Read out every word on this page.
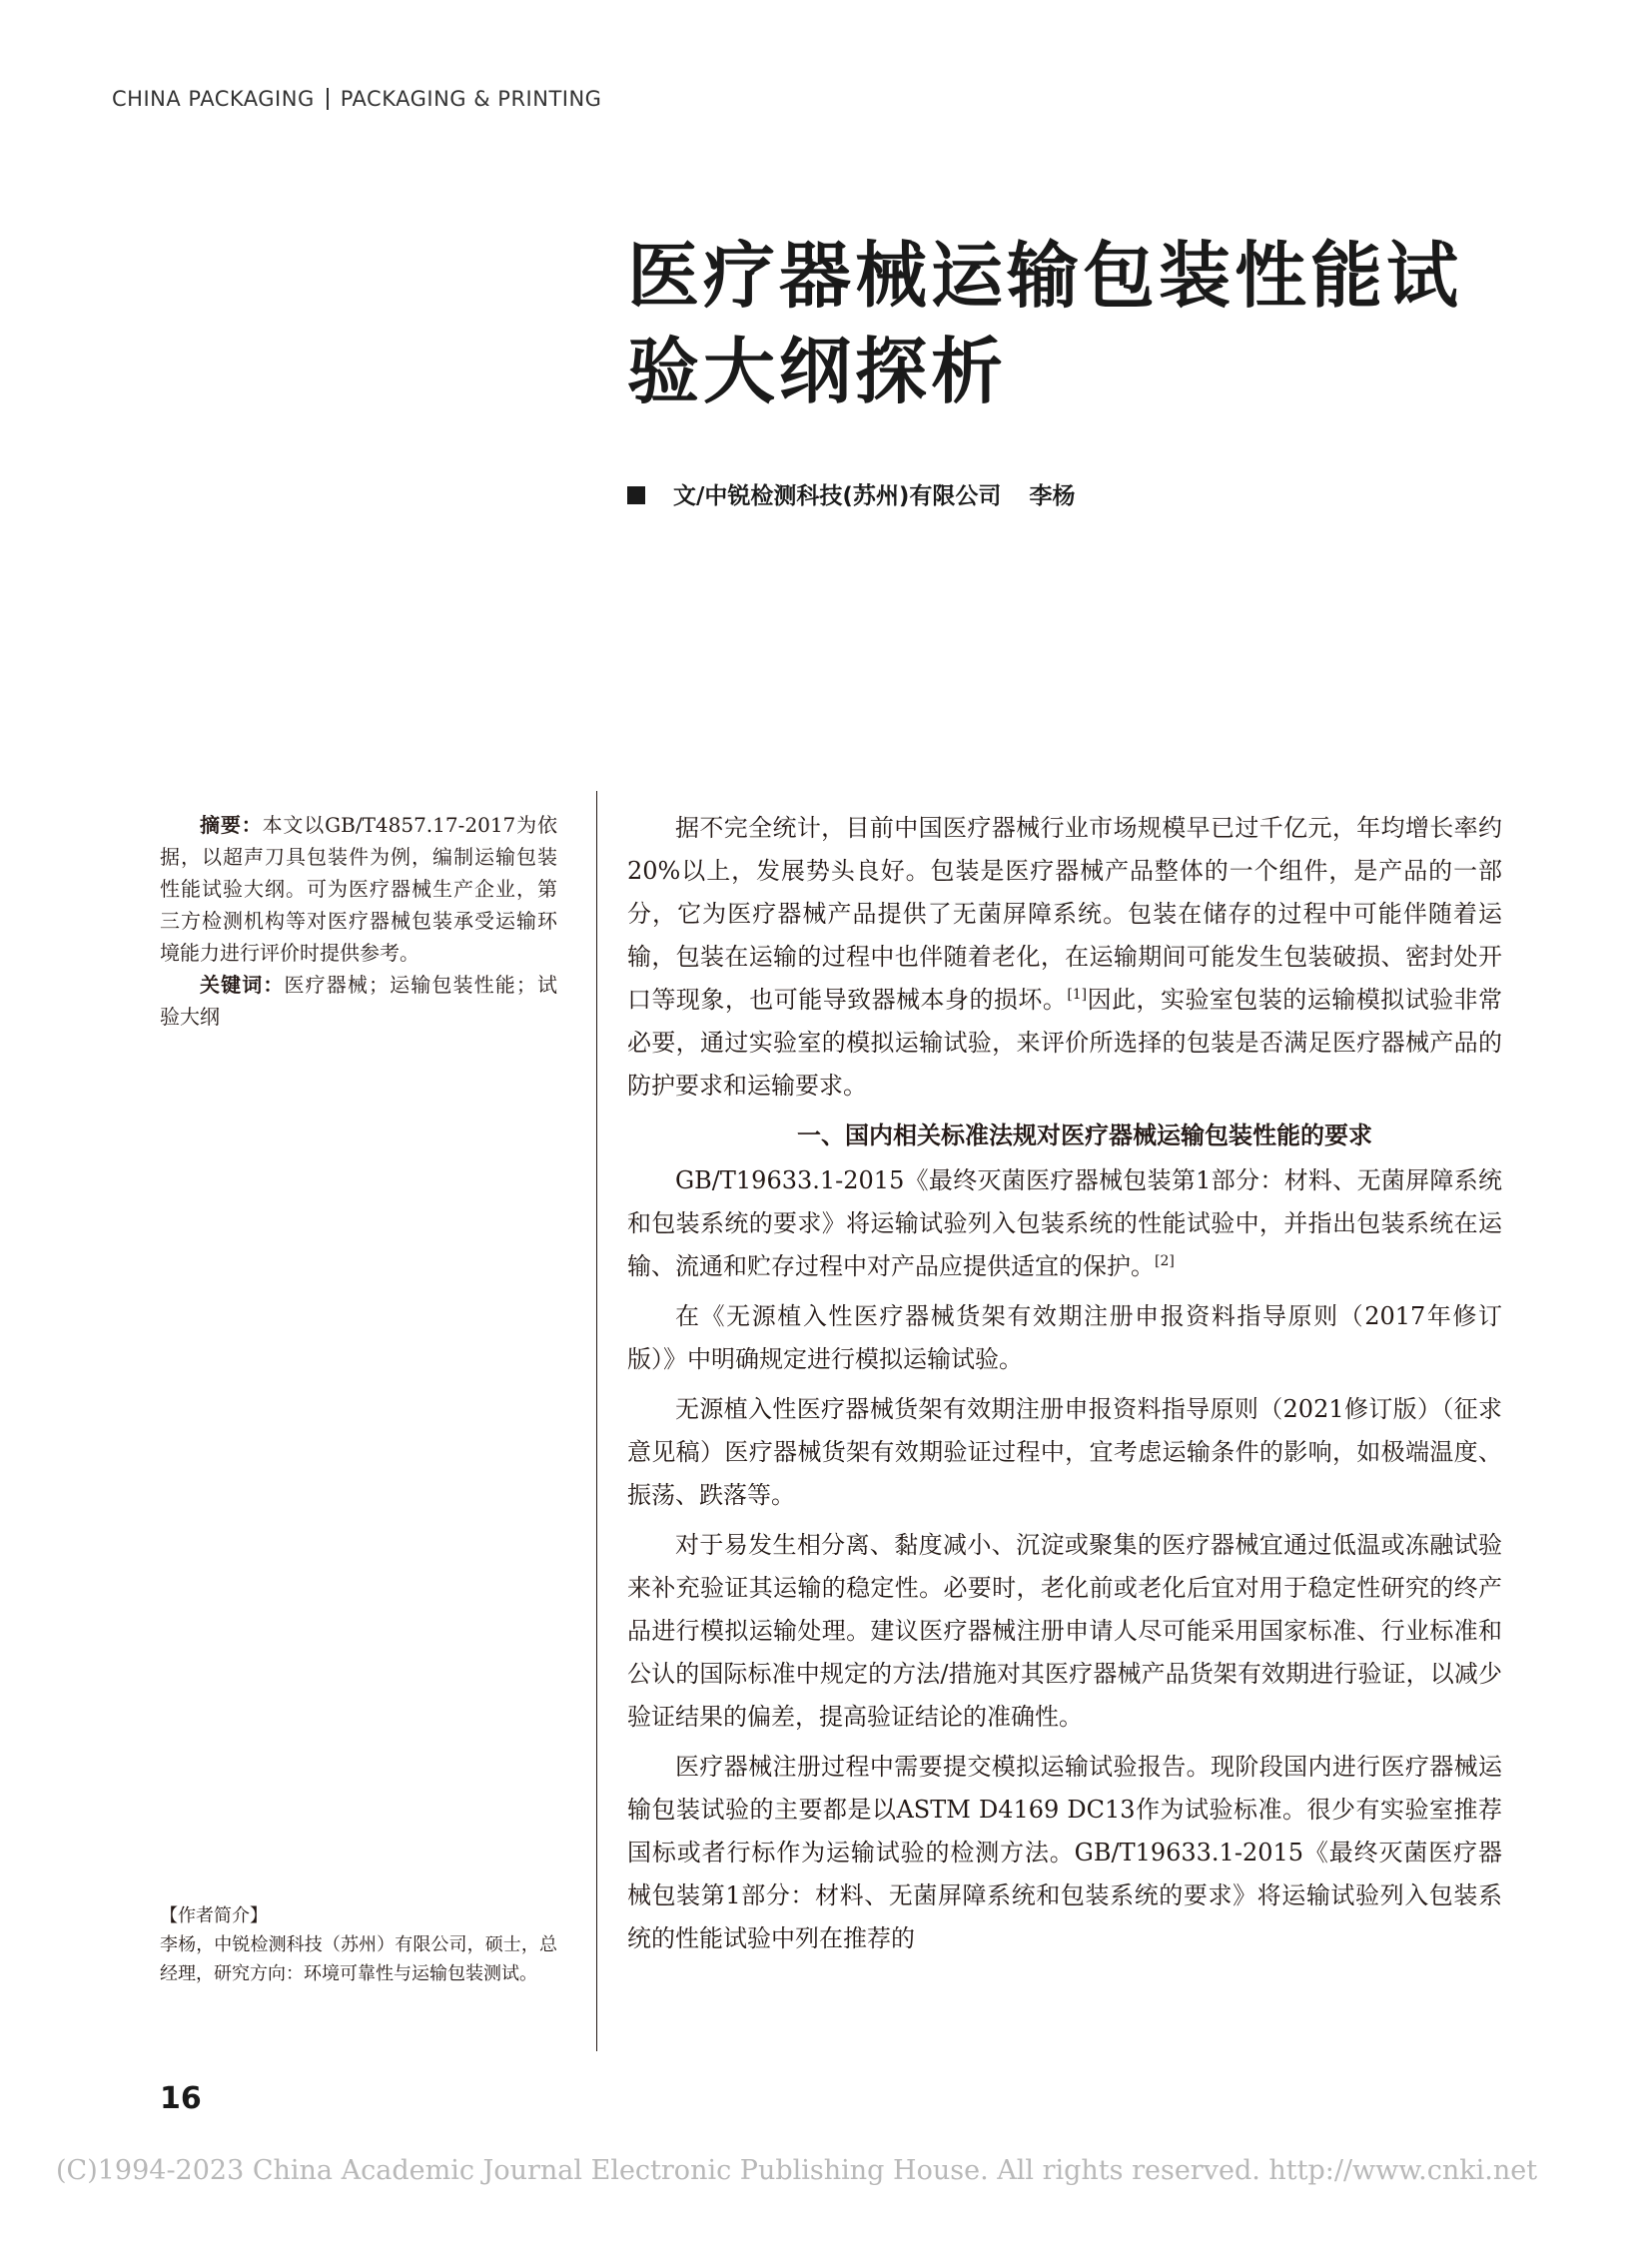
CHINA PACKAGING PACKAGING & PRINTING
医疗器械运输包装性能试
验大纲探析
文/中锐检测科技(苏州)有限公司 李杨

摘要：本文以GB/T4857.17-2017为依据，以超声刀具包装件为例，编制运输包装性能试验大纲。可为医疗器械生产企业，第三方检测机构等对医疗器械包装承受运输环境能力进行评价时提供参考。

关键词：医疗器械；运输包装性能；试验大纲

【作者简介】

李杨，中锐检测科技（苏州）有限公司，硕士，总经理，研究方向：环境可靠性与运输包装测试。

据不完全统计，目前中国医疗器械行业市场规模早已过千亿元，年均增长率约20%以上，发展势头良好。包装是医疗器械产品整体的一个组件，是产品的一部分，它为医疗器械产品提供了无菌屏障系统。包装在储存的过程中可能伴随着运输，包装在运输的过程中也伴随着老化，在运输期间可能发生包装破损、密封处开口等现象，也可能导致器械本身的损坏。[1]因此，实验室包装的运输模拟试验非常必要，通过实验室的模拟运输试验，来评价所选择的包装是否满足医疗器械产品的防护要求和运输要求。

一、国内相关标准法规对医疗器械运输包装性能的要求

GB/T19633.1-2015《最终灭菌医疗器械包装第1部分：材料、无菌屏障系统和包装系统的要求》将运输试验列入包装系统的性能试验中，并指出包装系统在运输、流通和贮存过程中对产品应提供适宜的保护。[2]

在《无源植入性医疗器械货架有效期注册申报资料指导原则（2017年修订版）》中明确规定进行模拟运输试验。

无源植入性医疗器械货架有效期注册申报资料指导原则（2021修订版）（征求意见稿）医疗器械货架有效期验证过程中，宜考虑运输条件的影响，如极端温度、振荡、跌落等。

对于易发生相分离、黏度减小、沉淀或聚集的医疗器械宜通过低温或冻融试验来补充验证其运输的稳定性。必要时，老化前或老化后宜对用于稳定性研究的终产品进行模拟运输处理。建议医疗器械注册申请人尽可能采用国家标准、行业标准和公认的国际标准中规定的方法/措施对其医疗器械产品货架有效期进行验证，以减少验证结果的偏差，提高验证结论的准确性。

医疗器械注册过程中需要提交模拟运输试验报告。现阶段国内进行医疗器械运输包装试验的主要都是以ASTM D4169 DC13作为试验标准。很少有实验室推荐国标或者行标作为运输试验的检测方法。GB/T19633.1-2015《最终灭菌医疗器械包装第1部分：材料、无菌屏障系统和包装系统的要求》将运输试验列入包装系统的性能试验中列在推荐的

16
(C)1994-2023 China Academic Journal Electronic Publishing House. All rights reserved. http://www.cnki.net
